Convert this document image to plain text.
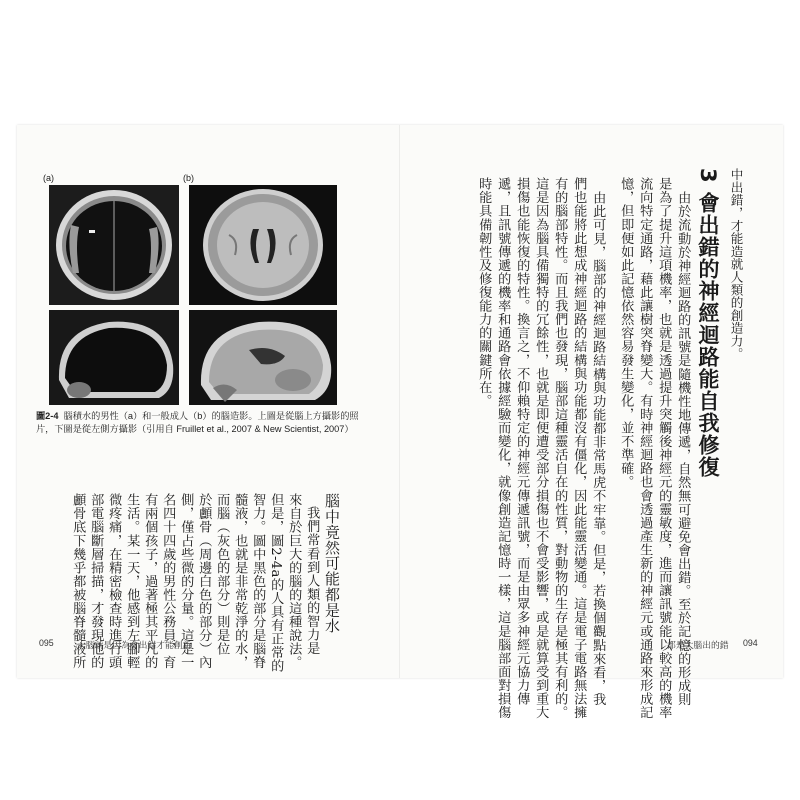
中出錯，才能造就人類的創造力。
3 會出錯的神經迴路能自我修復
由於流動於神經迴路的訊號是隨機性地傳遞，自然無可避免會出錯。至於記憶的形成則
是為了提升這項機率，也就是透過提升突觸後神經元的靈敏度，進而讓訊號能以較高的機率
流向特定通路，藉此讓樹突脊變大。有時神經迴路也會透過產生新的神經元或通路來形成記
憶，但即便如此記憶依然容易發生變化，並不準確。
由此可見，腦部的神經迴路結構與功能都非常馬虎不牢靠。但是，若換個觀點來看，我
們也能將此想成神經迴路的結構與功能都沒有僵化，因此能靈活變通。這是電子電路無法擁
有的腦部特性。而且我們也發現，腦部這種靈活自在的性質，對動物的生存是極其有利的。
這是因為腦具備獨特的冗餘性，也就是即便遭受部分損傷也不會受影響，或是就算受到重大
損傷也能恢復的特性。換言之，不仰賴特定的神經元傳遞訊號，而是由眾多神經元協力傳
遞，且訊號傳遞的機率和通路會依據經驗而變化，就像創造記憶時一樣，這是腦部面對損傷
時能具備韌性及修復能力的關鍵所在。
都是大腦出的錯 094
(a)	(b)
圖2-4 腦積水的男性（a）和一般成人（b）的腦造影。上圖是從腦上方攝影的照片，下圖是從左側方攝影（引用自 Fruillet et al., 2007 & New Scientist, 2007）
腦中竟然可能都是水
我們常看到人類的智力是
來自於巨大的腦的這種說法。
但是，圖2-4a的人具有正常的
智力。圖中黑色的部分是腦脊
髓液，也就是非常乾淨的水，
而腦（灰色的部分）則是位
於顱骨（周邊白色的部分）內
側，僅占些微的分量。這是一
名四十四歲的男性公務員，育
有兩個孩子，過著極其平凡的
生活。某一天，他感到左腳輕
微疼痛，在精密檢查時進行頭
部電腦斷層掃描，才發現他的
顱骨底下幾乎都被腦脊髓液所
095	大腦就是因為會出錯才能創新
